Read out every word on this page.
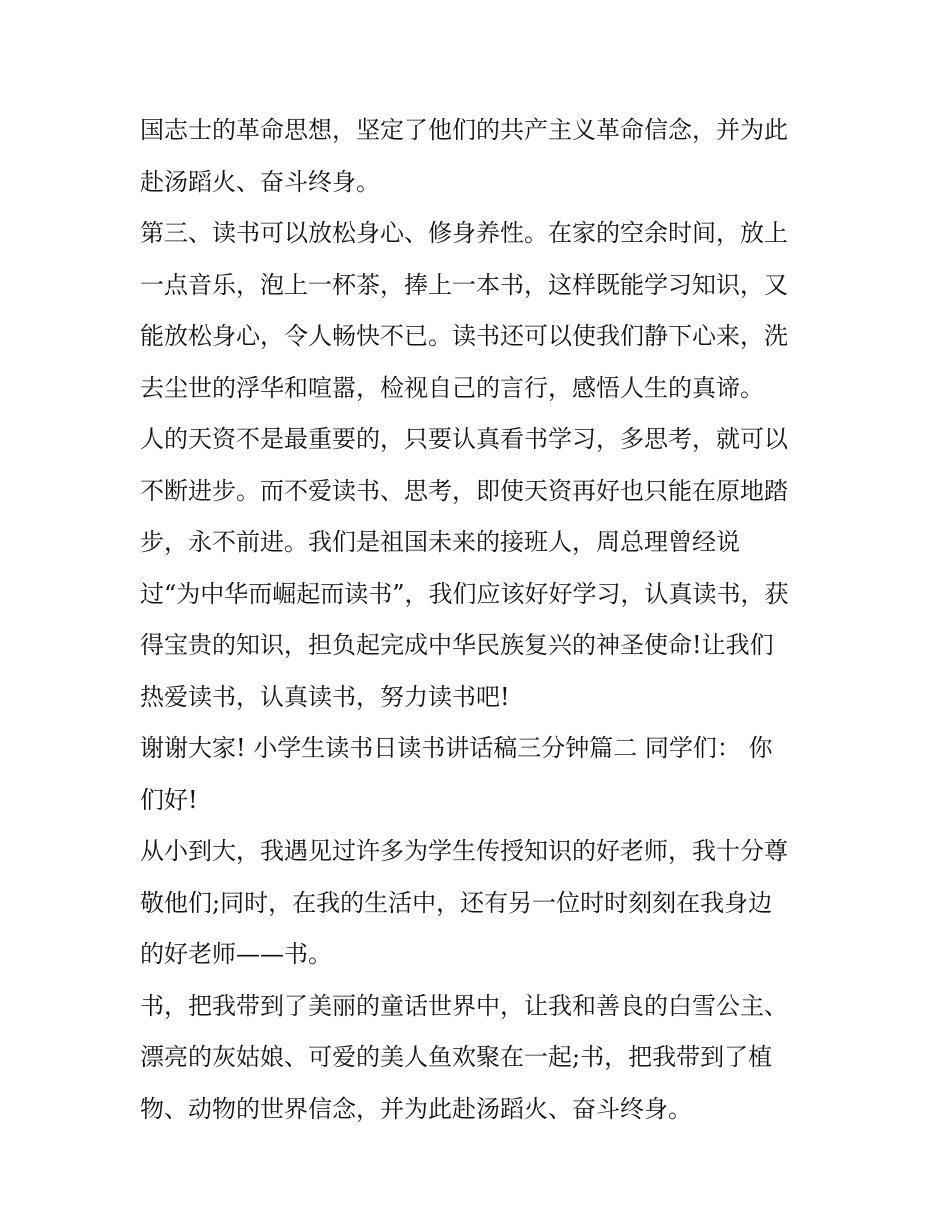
国志士的革命思想，坚定了他们的共产主义革命信念，并为此
赴汤蹈火、奋斗终身。
第三、读书可以放松身心、修身养性。在家的空余时间，放上
一点音乐，泡上一杯茶，捧上一本书，这样既能学习知识，又
能放松身心，令人畅快不已。读书还可以使我们静下心来，洗
去尘世的浮华和喧嚣，检视自己的言行，感悟人生的真谛。
人的天资不是最重要的，只要认真看书学习，多思考，就可以
不断进步。而不爱读书、思考，即使天资再好也只能在原地踏
步，永不前进。我们是祖国未来的接班人，周总理曾经说
过“为中华而崛起而读书”，我们应该好好学习，认真读书，获
得宝贵的知识，担负起完成中华民族复兴的神圣使命!让我们
热爱读书，认真读书，努力读书吧!
谢谢大家! 小学生读书日读书讲话稿三分钟篇二 同学们： 你
们好!
从小到大，我遇见过许多为学生传授知识的好老师，我十分尊
敬他们;同时，在我的生活中，还有另一位时时刻刻在我身边
的好老师——书。
书，把我带到了美丽的童话世界中，让我和善良的白雪公主、
漂亮的灰姑娘、可爱的美人鱼欢聚在一起;书，把我带到了植
物、动物的世界信念，并为此赴汤蹈火、奋斗终身。
